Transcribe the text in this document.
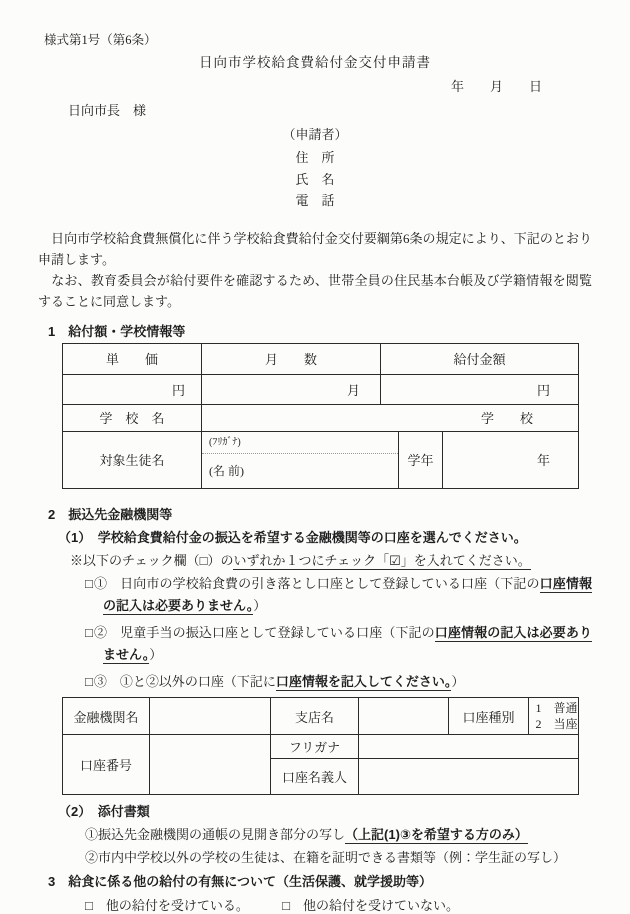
様式第1号（第6条）
日向市学校給食費給付金交付申請書
年　　月　　日
日向市長　様
（申請者）
住　所
氏　名
電　話
　日向市学校給食費無償化に伴う学校給食費給付金交付要綱第6条の規定により、下記のとおり申請します。
　なお、教育委員会が給付要件を確認するため、世帯全員の住民基本台帳及び学籍情報を閲覧することに同意します。
1　給付額・学校情報等
単　　価	月　　数	給付金額		
円	月	円		
学　校　名	学　　校			
対象生徒名	(ﾌﾘｶﾞﾅ)
(名 前)		学年	年
2　振込先金融機関等
（1）　学校給食費給付金の振込を希望する金融機関等の口座を選んでください。
※以下のチェック欄（□）のいずれか１つにチェック「☑」を入れてください。
□①　日向市の学校給食費の引き落とし口座として登録している口座（下記の口座情報の記入は必要ありません。）
□②　児童手当の振込口座として登録している口座（下記の口座情報の記入は必要ありません。）
□③　①と②以外の口座（下記に口座情報を記入してください。）
金融機関名		支店名		口座種別	1　普通
2　当座

口座番号		フリガナ			
		口座名義人			
（2）　添付書類
①振込先金融機関の通帳の見開き部分の写し（上記(1)③を希望する方のみ）
②市内中学校以外の学校の生徒は、在籍を証明できる書類等（例：学生証の写し）
3　給食に係る他の給付の有無について（生活保護、就学援助等）
□　 他の給付を受けている。	□　 他の給付を受けていない。
